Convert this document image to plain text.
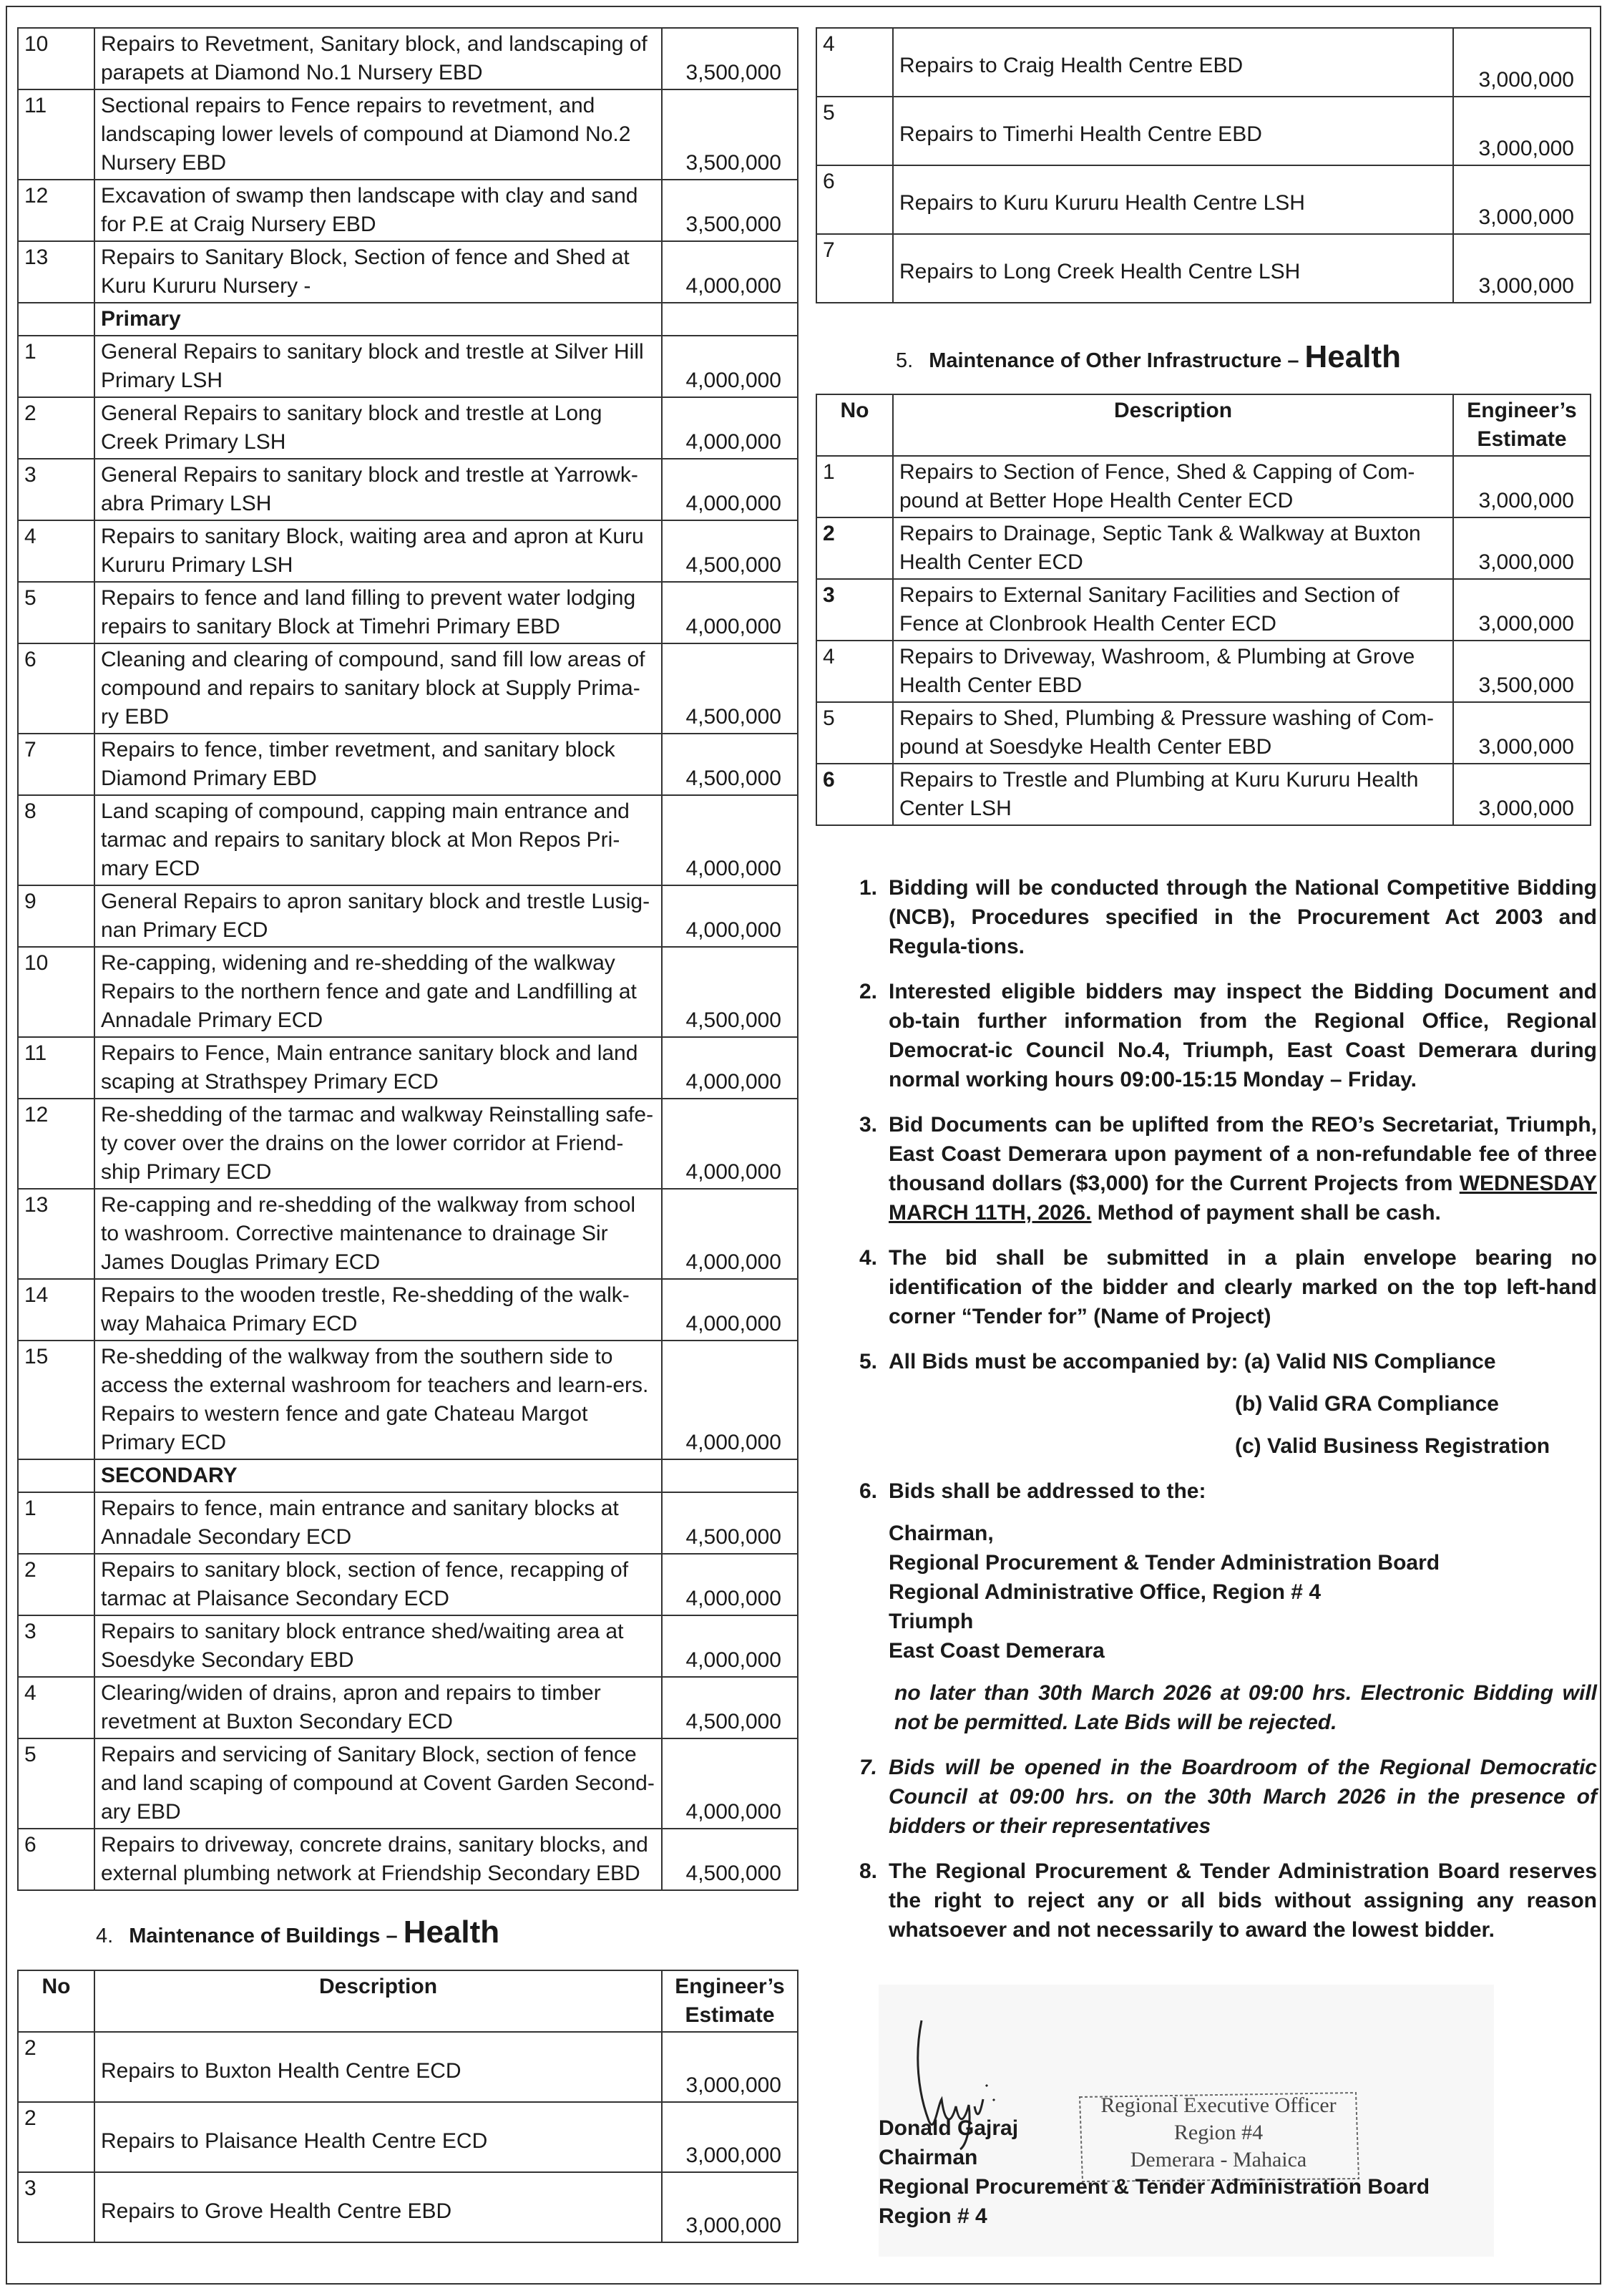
10	Repairs to Revetment, Sanitary block, and landscaping of parapets at Diamond No.1 Nursery EBD	3,500,000
11	Sectional repairs to Fence repairs to revetment, and landscaping lower levels of compound at Diamond No.2 Nursery EBD	3,500,000
12	Excavation of swamp then landscape with clay and sand for P.E at Craig Nursery EBD	3,500,000
13	Repairs to Sanitary Block, Section of fence and Shed at Kuru Kururu Nursery -	4,000,000
	Primary	
1	General Repairs to sanitary block and trestle at Silver Hill Primary LSH	4,000,000
2	General Repairs to sanitary block and trestle at Long Creek Primary LSH	4,000,000
3	General Repairs to sanitary block and trestle at Yarrowk-abra Primary LSH	4,000,000
4	Repairs to sanitary Block, waiting area and apron at Kuru Kururu Primary LSH	4,500,000
5	Repairs to fence and land filling to prevent water lodging repairs to sanitary Block at Timehri Primary EBD	4,000,000
6	Cleaning and clearing of compound, sand fill low areas of compound and repairs to sanitary block at Supply Prima-ry EBD	4,500,000
7	Repairs to fence, timber revetment, and sanitary block Diamond Primary EBD	4,500,000
8	Land scaping of compound, capping main entrance and tarmac and repairs to sanitary block at Mon Repos Pri-mary ECD	4,000,000
9	General Repairs to apron sanitary block and trestle Lusig-nan Primary ECD	4,000,000
10	Re-capping, widening and re-shedding of the walkway Repairs to the northern fence and gate and Landfilling at Annadale Primary ECD	4,500,000
11	Repairs to Fence, Main entrance sanitary block and land scaping at Strathspey Primary ECD	4,000,000
12	Re-shedding of the tarmac and walkway Reinstalling safe-ty cover over the drains on the lower corridor at Friend-ship Primary ECD	4,000,000
13	Re-capping and re-shedding of the walkway from school to washroom. Corrective maintenance to drainage Sir James Douglas Primary ECD	4,000,000
14	Repairs to the wooden trestle, Re-shedding of the walk-way Mahaica Primary ECD	4,000,000
15	Re-shedding of the walkway from the southern side to access the external washroom for teachers and learn-ers. Repairs to western fence and gate Chateau Margot Primary ECD	4,000,000
	SECONDARY	
1	Repairs to fence, main entrance and sanitary blocks at Annadale Secondary ECD	4,500,000
2	Repairs to sanitary block, section of fence, recapping of tarmac at Plaisance Secondary ECD	4,000,000
3	Repairs to sanitary block entrance shed/waiting area at Soesdyke Secondary EBD	4,000,000
4	Clearing/widen of drains, apron and repairs to timber revetment at Buxton Secondary ECD	4,500,000
5	Repairs and servicing of Sanitary Block, section of fence and land scaping of compound at Covent Garden Second-ary EBD	4,000,000
6	Repairs to driveway, concrete drains, sanitary blocks, and external plumbing network at Friendship Secondary EBD	4,500,000
4	Repairs to Craig Health Centre EBD	3,000,000
5	Repairs to Timerhi Health Centre EBD	3,000,000
6	Repairs to Kuru Kururu Health Centre LSH	3,000,000
7	Repairs to Long Creek Health Centre LSH	3,000,000
5. Maintenance of Other Infrastructure – Health
No	Description	Engineer’s Estimate
1	Repairs to Section of Fence, Shed & Capping of Com-pound at Better Hope Health Center ECD	3,000,000
2	Repairs to Drainage, Septic Tank & Walkway at Buxton Health Center ECD	3,000,000
3	Repairs to External Sanitary Facilities and Section of Fence at Clonbrook Health Center ECD	3,000,000
4	Repairs to Driveway, Washroom, & Plumbing at Grove Health Center EBD	3,500,000
5	Repairs to Shed, Plumbing & Pressure washing of Com-pound at Soesdyke Health Center EBD	3,000,000
6	Repairs to Trestle and Plumbing at Kuru Kururu Health Center LSH	3,000,000
4. Maintenance of Buildings – Health
No	Description	Engineer’s Estimate
2	Repairs to Buxton Health Centre ECD	3,000,000
2	Repairs to Plaisance Health Centre ECD	3,000,000
3	Repairs to Grove Health Centre EBD	3,000,000
1. Bidding will be conducted through the National Competitive Bidding (NCB), Procedures specified in the Procurement Act 2003 and Regula-tions.
2. Interested eligible bidders may inspect the Bidding Document and ob-tain further information from the Regional Office, Regional Democrat-ic Council No.4, Triumph, East Coast Demerara during normal working hours 09:00-15:15 Monday – Friday.
3. Bid Documents can be uplifted from the REO’s Secretariat, Triumph, East Coast Demerara upon payment of a non-refundable fee of three thousand dollars ($3,000) for the Current Projects from WEDNESDAY MARCH 11TH, 2026. Method of payment shall be cash.
4. The bid shall be submitted in a plain envelope bearing no identification of the bidder and clearly marked on the top left-hand corner “Tender for” (Name of Project)
5. All Bids must be accompanied by: (a) Valid NIS Compliance
(b) Valid GRA Compliance
(c) Valid Business Registration
6. Bids shall be addressed to the:
Chairman,
Regional Procurement & Tender Administration Board
Regional Administrative Office, Region # 4
Triumph
East Coast Demerara
no later than 30th March 2026 at 09:00 hrs. Electronic Bidding will not be permitted. Late Bids will be rejected.
7. Bids will be opened in the Boardroom of the Regional Democratic Council at 09:00 hrs. on the 30th March 2026 in the presence of bidders or their representatives
8. The Regional Procurement & Tender Administration Board reserves the right to reject any or all bids without assigning any reason whatsoever and not necessarily to award the lowest bidder.
Regional Executive Officer
Region #4
Demerara - Mahaica
Donald Gajraj
Chairman
Regional Procurement & Tender Administration Board
Region # 4
